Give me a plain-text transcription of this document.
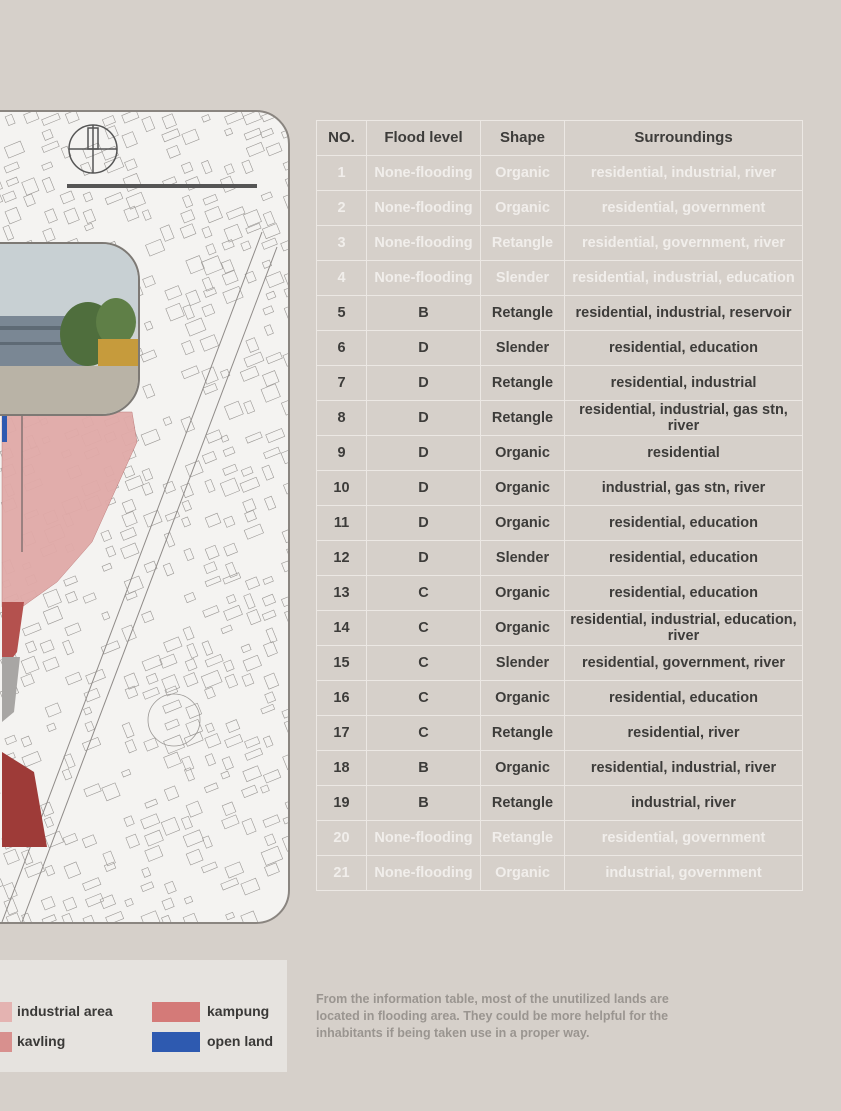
NO.	Flood level	Shape	Surroundings
1	None-flooding	Organic	residential, industrial, river
2	None-flooding	Organic	residential, government
3	None-flooding	Retangle	residential, government, river
4	None-flooding	Slender	residential, industrial, education
5	B	Retangle	residential, industrial, reservoir
6	D	Slender	residential, education
7	D	Retangle	residential, industrial
8	D	Retangle	residential, industrial, gas stn, river
9	D	Organic	residential
10	D	Organic	industrial, gas stn, river
11	D	Organic	residential, education
12	D	Slender	residential, education
13	C	Organic	residential, education
14	C	Organic	residential, industrial, education, river
15	C	Slender	residential, government, river
16	C	Organic	residential, education
17	C	Retangle	residential, river
18	B	Organic	residential, industrial, river
19	B	Retangle	industrial, river
20	None-flooding	Retangle	residential, government
21	None-flooding	Organic	industrial, government
industrial area	kampung
kavling	open land

From the information table, most of the unutilized lands are located in flooding area. They could be more helpful for the inhabitants if being taken use in a proper way.
